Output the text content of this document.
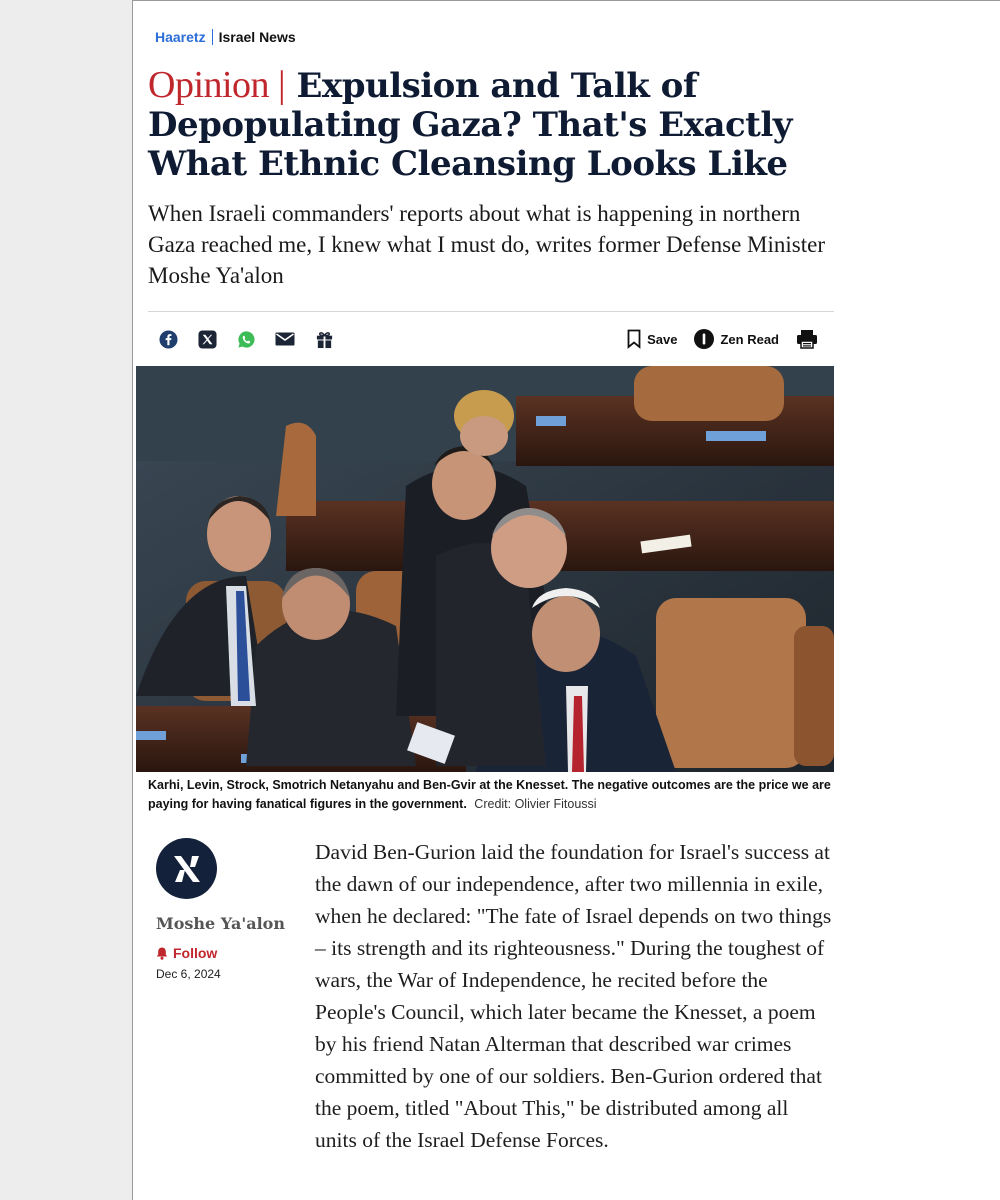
Haaretz Israel News
Opinion | Expulsion and Talk of Depopulating Gaza? That's Exactly What Ethnic Cleansing Looks Like

When Israeli commanders' reports about what is happening in northern Gaza reached me, I knew what I must do, writes former Defense Minister Moshe Ya'alon

Save	Zen Read
Karhi, Levin, Strock, Smotrich Netanyahu and Ben-Gvir at the Knesset. The negative outcomes are the price we are paying for having fanatical figures in the government. Credit: Olivier Fitoussi
Moshe Ya'alon
Follow
Dec 6, 2024

David Ben-Gurion laid the foundation for Israel's success at the dawn of our independence, after two millennia in exile, when he declared: "The fate of Israel depends on two things – its strength and its righteousness." During the toughest of wars, the War of Independence, he recited before the People's Council, which later became the Knesset, a poem by his friend Natan Alterman that described war crimes committed by one of our soldiers. Ben-Gurion ordered that the poem, titled "About This," be distributed among all units of the Israel Defense Forces.
